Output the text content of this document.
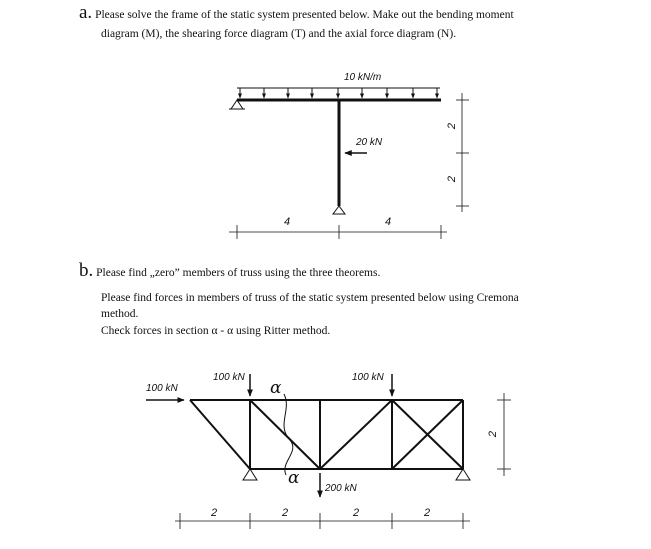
a. Please solve the frame of the static system presented below. Make out the bending moment
diagram (M), the shearing force diagram (T) and the axial force diagram (N).
b. Please find „zero” members of truss using the three theorems.
Please find forces in members of truss of the static system presented below using Cremona
method.
Check forces in section α - α using Ritter method.
10 kN/m
20 kN
4	4
2
2
100 kN
100 kN	100 kN
200 kN
α
α
2	2	2	2
2
